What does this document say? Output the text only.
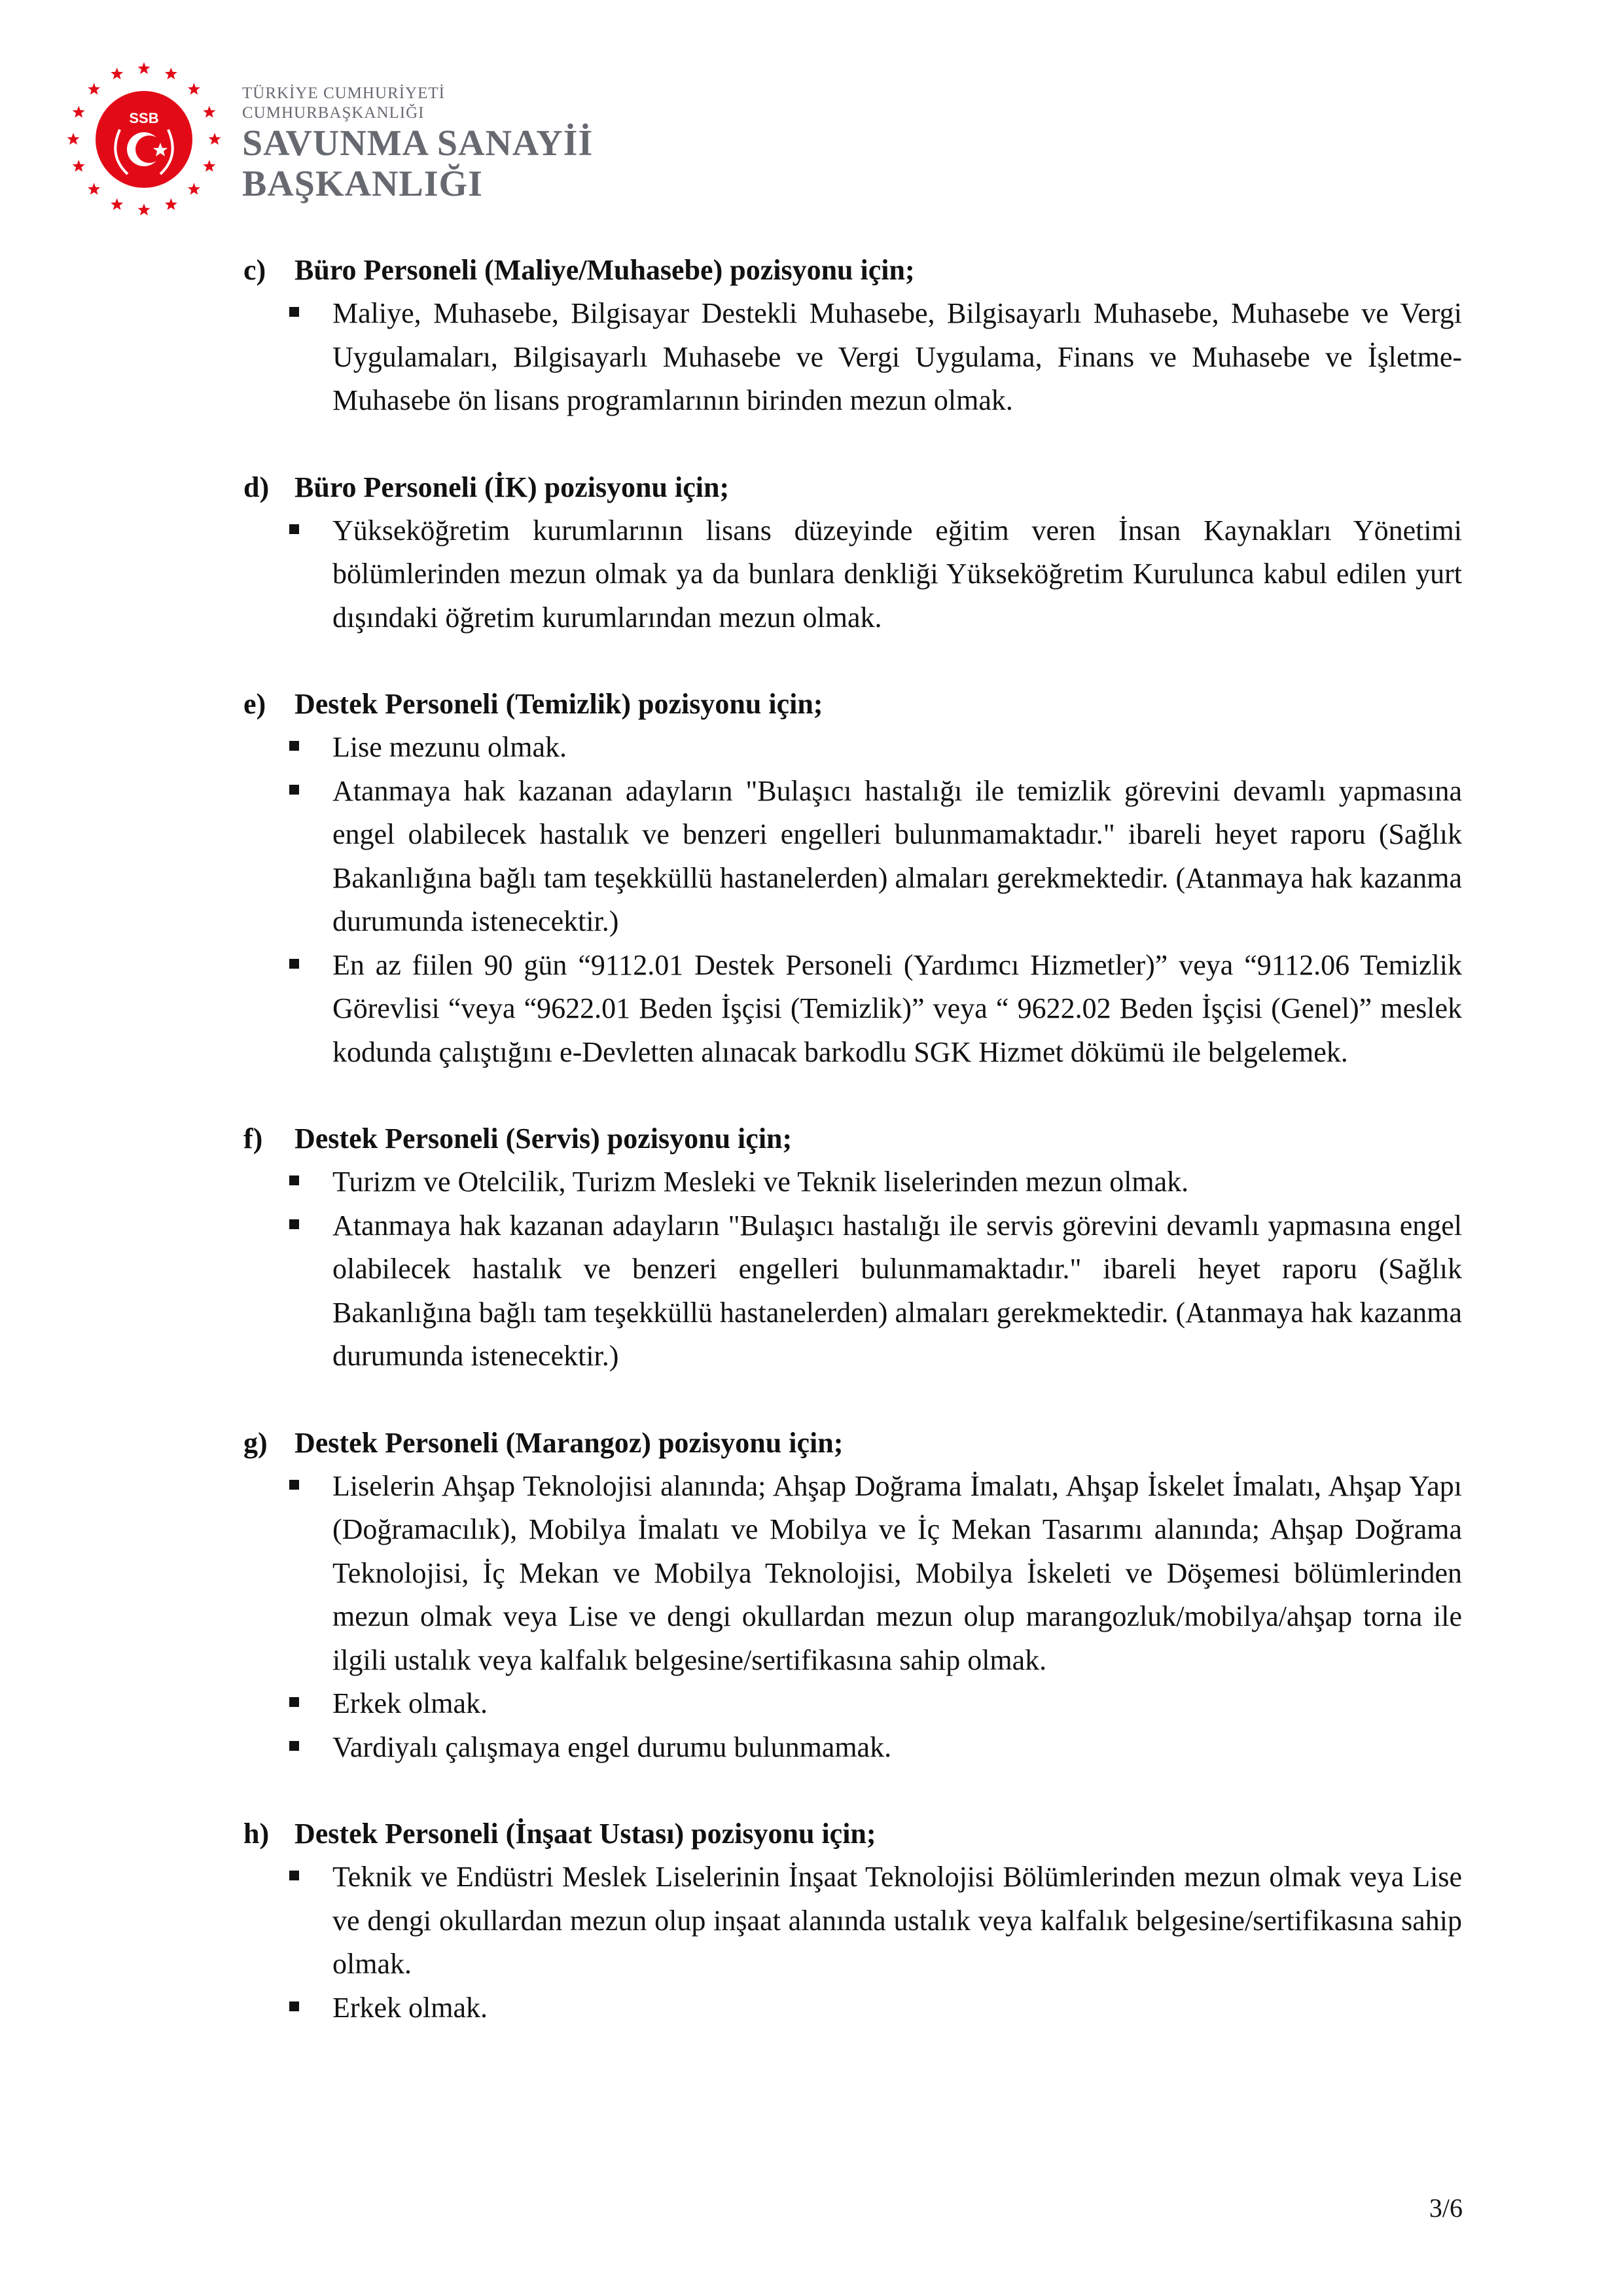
SSB
TÜRKİYE CUMHURİYETİ
CUMHURBAŞKANLIĞI
SAVUNMA SANAYİİ
BAŞKANLIĞI
c) Büro Personeli (Maliye/Muhasebe) pozisyonu için;
Maliye, Muhasebe, Bilgisayar Destekli Muhasebe, Bilgisayarlı Muhasebe, Muhasebe ve Vergi Uygulamaları, Bilgisayarlı Muhasebe ve Vergi Uygulama, Finans ve Muhasebe ve İşletme-Muhasebe ön lisans programlarının birinden mezun olmak.
d) Büro Personeli (İK) pozisyonu için;
Yükseköğretim kurumlarının lisans düzeyinde eğitim veren İnsan Kaynakları Yönetimi bölümlerinden mezun olmak ya da bunlara denkliği Yükseköğretim Kurulunca kabul edilen yurt dışındaki öğretim kurumlarından mezun olmak.
e) Destek Personeli (Temizlik) pozisyonu için;
Lise mezunu olmak.
Atanmaya hak kazanan adayların "Bulaşıcı hastalığı ile temizlik görevini devamlı yapmasına engel olabilecek hastalık ve benzeri engelleri bulunmamaktadır." ibareli heyet raporu (Sağlık Bakanlığına bağlı tam teşekküllü hastanelerden) almaları gerekmektedir. (Atanmaya hak kazanma durumunda istenecektir.)
En az fiilen 90 gün “9112.01 Destek Personeli (Yardımcı Hizmetler)” veya “9112.06 Temizlik Görevlisi “veya “9622.01 Beden İşçisi (Temizlik)” veya “ 9622.02 Beden İşçisi (Genel)” meslek kodunda çalıştığını e-Devletten alınacak barkodlu SGK Hizmet dökümü ile belgelemek.
f) Destek Personeli (Servis) pozisyonu için;
Turizm ve Otelcilik, Turizm Mesleki ve Teknik liselerinden mezun olmak.
Atanmaya hak kazanan adayların "Bulaşıcı hastalığı ile servis görevini devamlı yapmasına engel olabilecek hastalık ve benzeri engelleri bulunmamaktadır." ibareli heyet raporu (Sağlık Bakanlığına bağlı tam teşekküllü hastanelerden) almaları gerekmektedir. (Atanmaya hak kazanma durumunda istenecektir.)
g) Destek Personeli (Marangoz) pozisyonu için;
Liselerin Ahşap Teknolojisi alanında; Ahşap Doğrama İmalatı, Ahşap İskelet İmalatı, Ahşap Yapı (Doğramacılık), Mobilya İmalatı ve Mobilya ve İç Mekan Tasarımı alanında; Ahşap Doğrama Teknolojisi, İç Mekan ve Mobilya Teknolojisi, Mobilya İskeleti ve Döşemesi bölümlerinden mezun olmak veya Lise ve dengi okullardan mezun olup marangozluk/mobilya/ahşap torna ile ilgili ustalık veya kalfalık belgesine/sertifikasına sahip olmak.
Erkek olmak.
Vardiyalı çalışmaya engel durumu bulunmamak.
h) Destek Personeli (İnşaat Ustası) pozisyonu için;
Teknik ve Endüstri Meslek Liselerinin İnşaat Teknolojisi Bölümlerinden mezun olmak veya Lise ve dengi okullardan mezun olup inşaat alanında ustalık veya kalfalık belgesine/sertifikasına sahip olmak.
Erkek olmak.
3/6
